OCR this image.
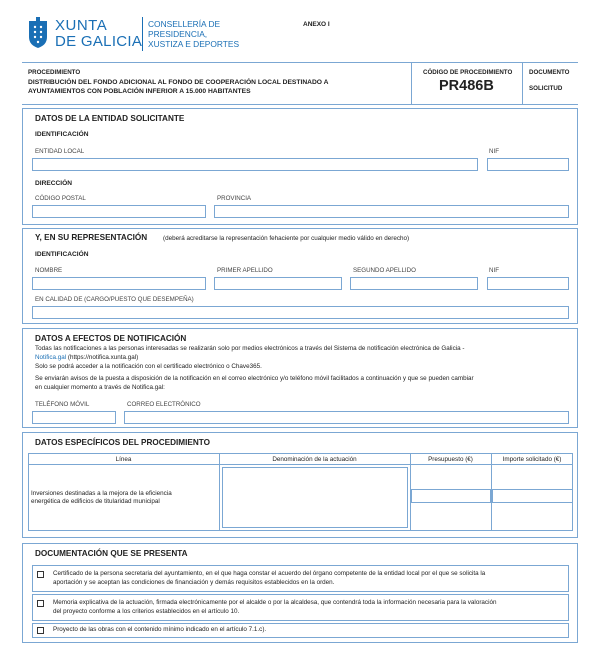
XUNTA
DE GALICIA
CONSELLERÍA DE
PRESIDENCIA,
XUSTIZA E DEPORTES
ANEXO I
PROCEDIMIENTO
DISTRIBUCIÓN DEL FONDO ADICIONAL AL FONDO DE COOPERACIÓN LOCAL DESTINADO A
AYUNTAMIENTOS CON POBLACIÓN INFERIOR A 15.000 HABITANTES
CÓDIGO DE PROCEDIMIENTO
PR486B
DOCUMENTO
SOLICITUD
DATOS DE LA ENTIDAD SOLICITANTE
IDENTIFICACIÓN
ENTIDAD LOCAL	NIF
DIRECCIÓN
CÓDIGO POSTAL	PROVINCIA
Y, EN SU REPRESENTACIÓN	(deberá acreditarse la representación fehaciente por cualquier medio válido en derecho)
IDENTIFICACIÓN
NOMBRE	PRIMER APELLIDO	SEGUNDO APELLIDO	NIF
EN CALIDAD DE (CARGO/PUESTO QUE DESEMPEÑA)
DATOS A EFECTOS DE NOTIFICACIÓN
Todas las notificaciones a las personas interesadas se realizarán solo por medios electrónicos a través del Sistema de notificación electrónica de Galicia -
Notifica.gal (https://notifica.xunta.gal)
Solo se podrá acceder a la notificación con el certificado electrónico o Chave365.
Se enviarán avisos de la puesta a disposición de la notificación en el correo electrónico y/o teléfono móvil facilitados a continuación y que se pueden cambiar
en cualquier momento a través de Notifica.gal:
TELÉFONO MÓVIL	CORREO ELECTRÓNICO
DATOS ESPECÍFICOS DEL PROCEDIMIENTO
Línea	Denominación de la actuación	Presupuesto (€)	Importe solicitado (€)
Inversiones destinadas a la mejora de la eficiencia
energética de edificios de titularidad municipal
DOCUMENTACIÓN QUE SE PRESENTA
Certificado de la persona secretaria del ayuntamiento, en el que haga constar el acuerdo del órgano competente de la entidad local por el que se solicita la
aportación y se aceptan las condiciones de financiación y demás requisitos establecidos en la orden.
Memoria explicativa de la actuación, firmada electrónicamente por el alcalde o por la alcaldesa, que contendrá toda la información necesaria para la valoración
del proyecto conforme a los criterios establecidos en el artículo 10.
Proyecto de las obras con el contenido mínimo indicado en el artículo 7.1.c).
